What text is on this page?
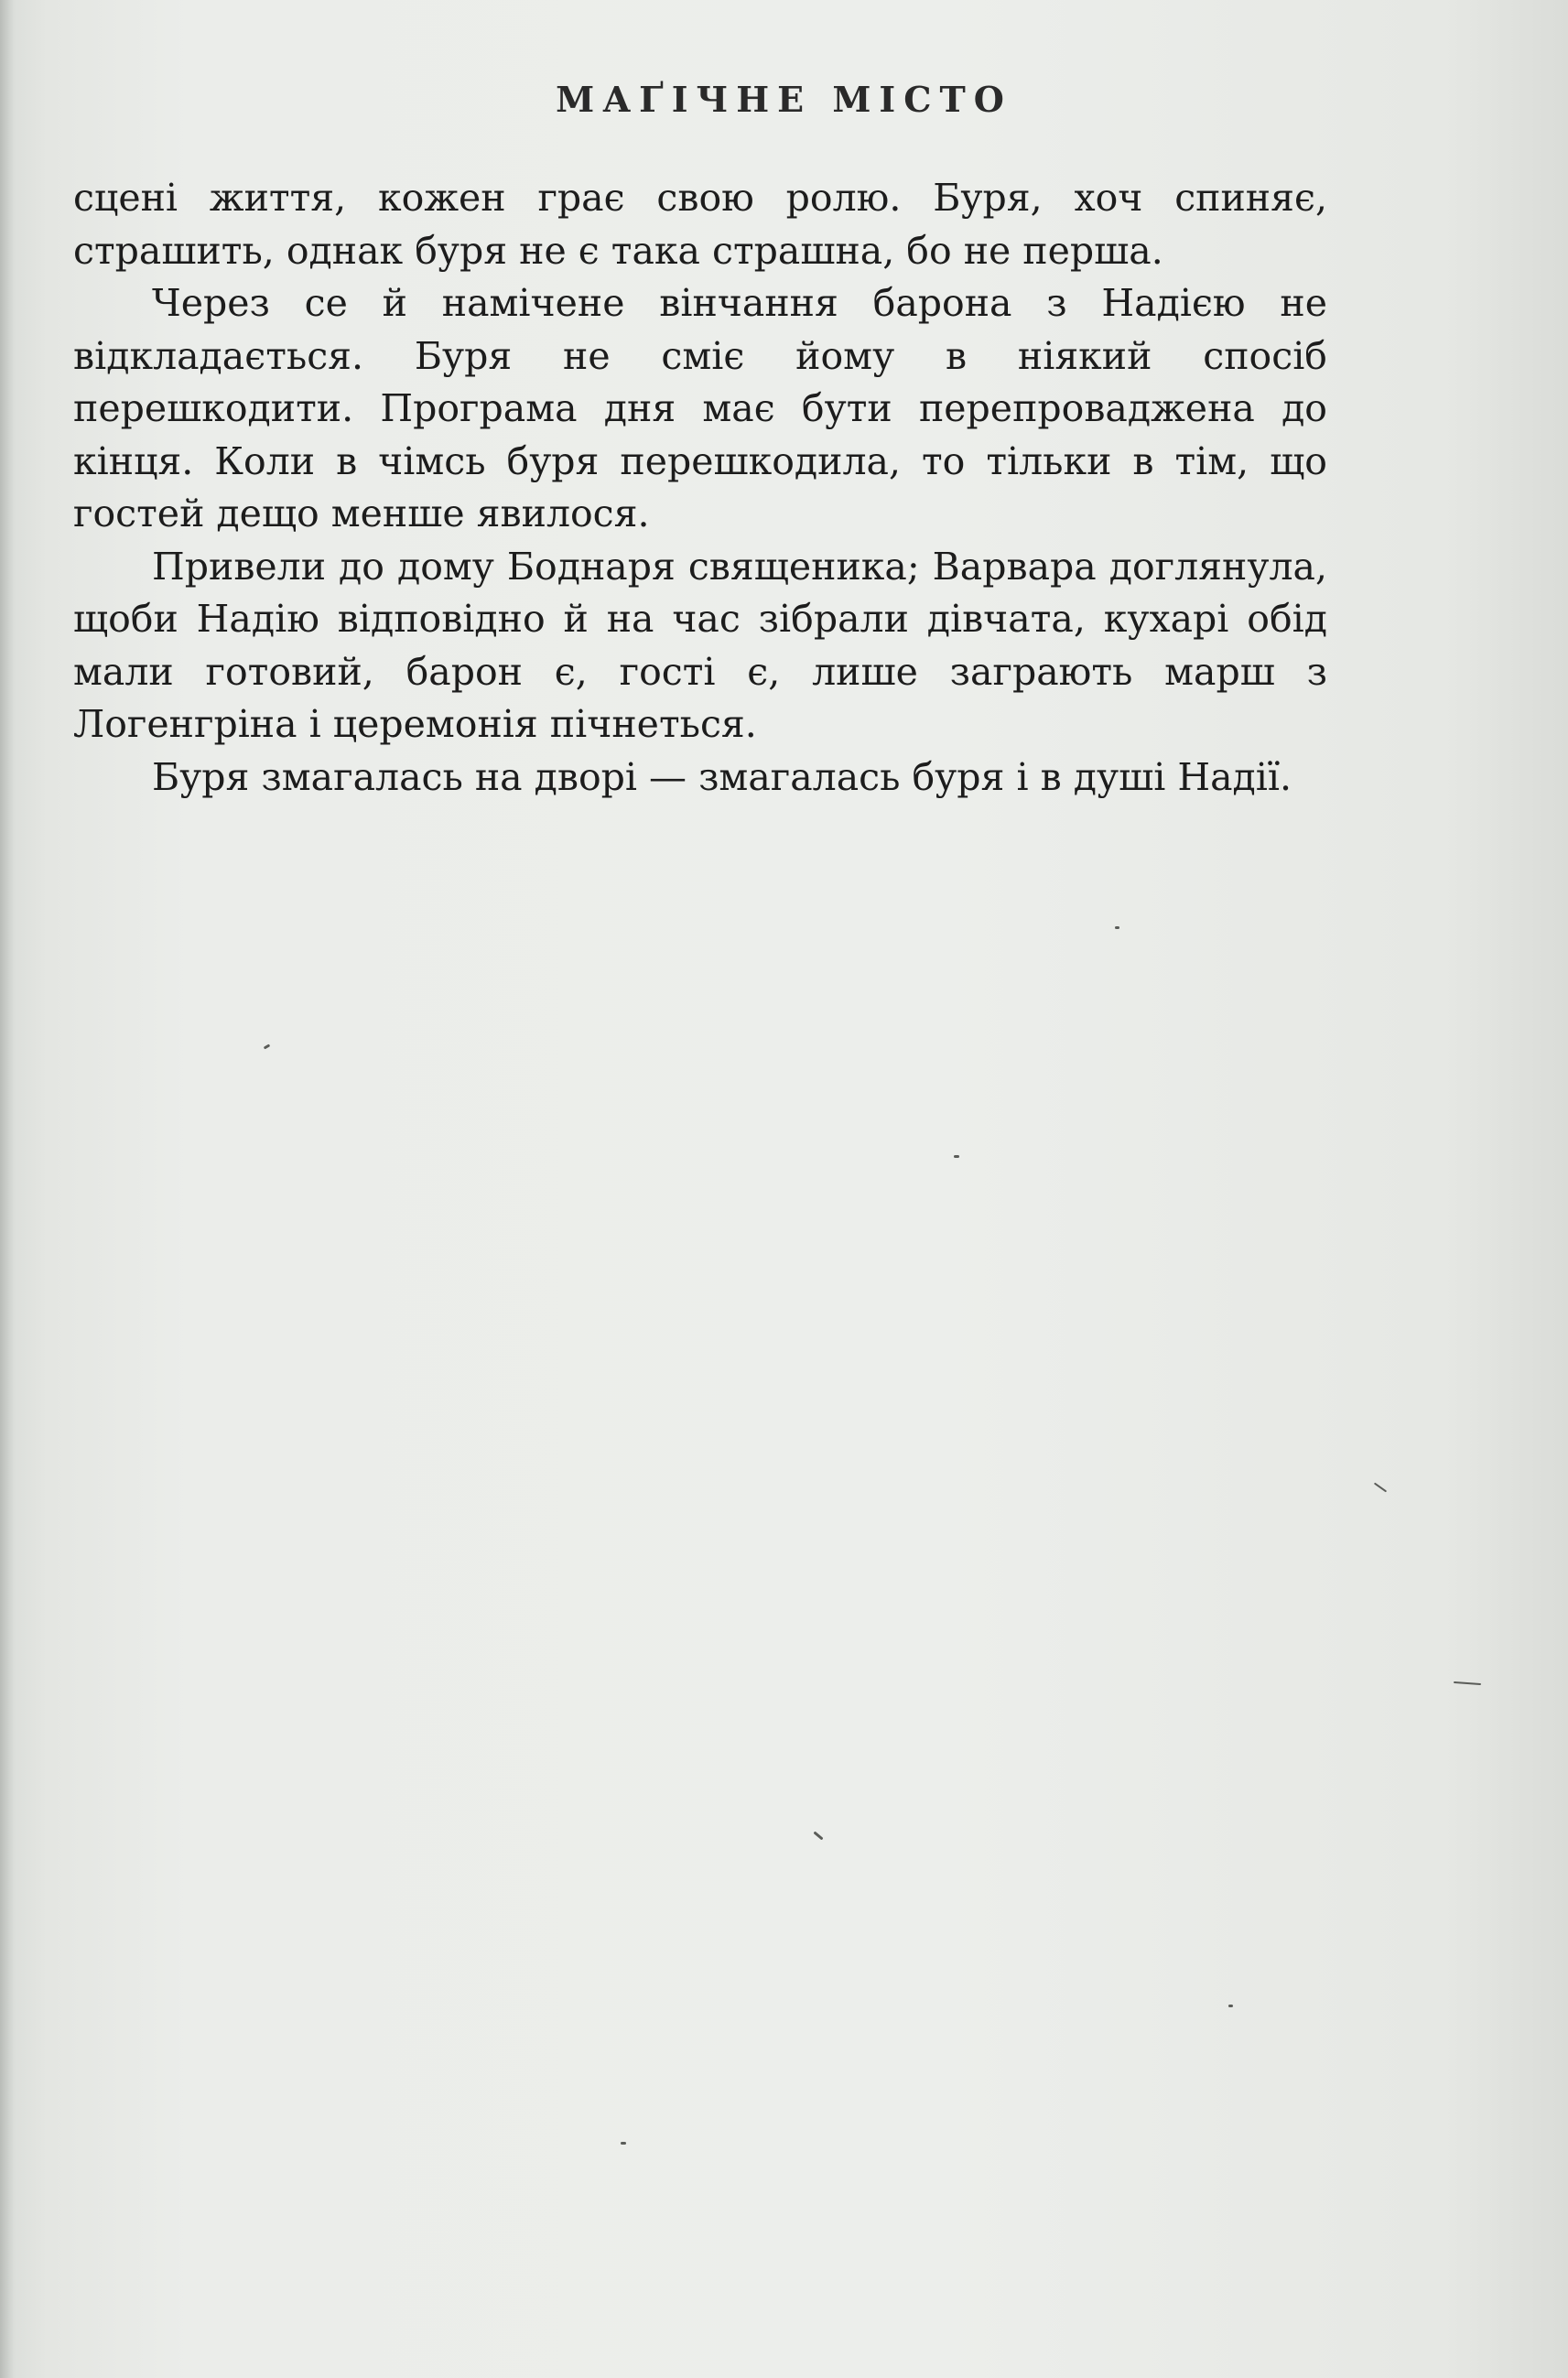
МАҐІЧНЕ МІСТО

сцені життя, кожен грає свою ролю. Буря, хоч спиняє, страшить, однак буря не є така страшна, бо не перша.

Через се й намічене вінчання барона з Надією не відкладається. Буря не сміє йому в ніякий спосіб перешкодити. Програма дня має бути перепроваджена до кінця. Коли в чімсь буря перешкодила, то тільки в тім, що гостей дещо менше явилося.

Привели до дому Боднаря священика; Варвара доглянула, щоби Надію відповідно й на час зібрали дівчата, кухарі обід мали готовий, барон є, гості є, лише заграють марш з Логенгріна і церемонія пічнеться.

Буря змагалась на дворі — змагалась буря і в душі Надії.
